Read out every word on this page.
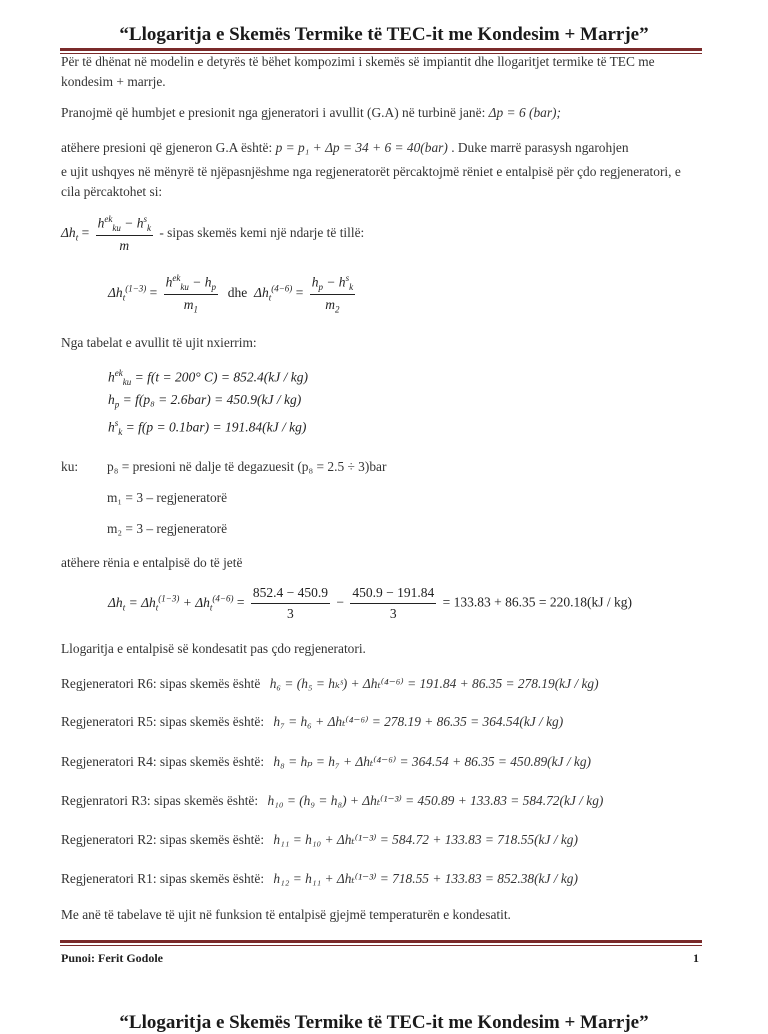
“Llogaritja e Skemës Termike të TEC-it me Kondesim + Marrje”
Për të dhënat në modelin e detyrës të bëhet kompozimi i skemës së impiantit dhe llogaritjet termike të TEC me kondesim + marrje.
Pranojmë që humbjet e presionit nga gjeneratori i avullit (G.A) në turbinë janë: Δp = 6 (bar);
atëhere presioni që gjeneron G.A është: p = p₁ + Δp = 34 + 6 = 40(bar) . Duke marrë parasysh ngarohjen
e ujit ushqyes në mënyrë të njëpasnjëshme nga regjeneratorët përcaktojmë rëniet e entalpisë për çdo regjeneratori, e cila përcaktohet si:
$\Delta h_t = \frac{h^{ek}_{ku} - h^s_k}{m}$ - sipas skemës kemi një ndarje të tillë:
$\Delta h_t^{(1-3)} = \frac{h^{ek}_{ku} - h_p}{m_1}$ dhe $\Delta h_t^{(4-6)} = \frac{h_p - h^s_k}{m_2}$
Nga tabelat e avullit të ujit nxierrim:
$h^{ek}_{ku} = f(t = 200^\circ$ C) = 852.4(kJ / kg)
$h_p = f(p_8 = 2.6bar) = 450.9(kJ / kg)$
$h^s_k = f(p = 0.1bar) = 191.84(kJ / kg)$
ku:	p₈ = presioni në dalje të degazuesit (p₈ = 2.5 ÷ 3)bar
m₁ = 3 – regjeneratorë
m₂ = 3 – regjeneratorë
atëhere rënia e entalpisë do të jetë
$\Delta h_t = \Delta h_t^{(1-3)} + \Delta h_t^{(4-6)} = \frac{852.4 - 450.9}{3} - \frac{450.9 - 191.84}{3} = 133.83 + 86.35 = 220.18(kJ / kg)$
Llogaritja e entalpisë së kondesatit pas çdo regjeneratori.
Regjeneratori R6: sipas skemës është h₆ = (h₅ = hₖˢ) + Δhₜ⁽⁴⁻⁶⁾ = 191.84 + 86.35 = 278.19(kJ / kg)
Regjeneratori R5: sipas skemës është: h₇ = h₆ + Δhₜ⁽⁴⁻⁶⁾ = 278.19 + 86.35 = 364.54(kJ / kg)
Regjeneratori R4: sipas skemës është: h₈ = hₚ = h₇ + Δhₜ⁽⁴⁻⁶⁾ = 364.54 + 86.35 = 450.89(kJ / kg)
Regjenratori R3: sipas skemës është: h₁₀ = (h₉ = h₈) + Δhₜ⁽¹⁻³⁾ = 450.89 + 133.83 = 584.72(kJ / kg)
Regjeneratori R2: sipas skemës është: h₁₁ = h₁₀ + Δhₜ⁽¹⁻³⁾ = 584.72 + 133.83 = 718.55(kJ / kg)
Regjeneratori R1: sipas skemës është: h₁₂ = h₁₁ + Δhₜ⁽¹⁻³⁾ = 718.55 + 133.83 = 852.38(kJ / kg)
Me anë të tabelave të ujit në funksion të entalpisë gjejmë temperaturën e kondesatit.
Punoi: Ferit Godole	1
“Llogaritja e Skemës Termike të TEC-it me Kondesim + Marrje”
